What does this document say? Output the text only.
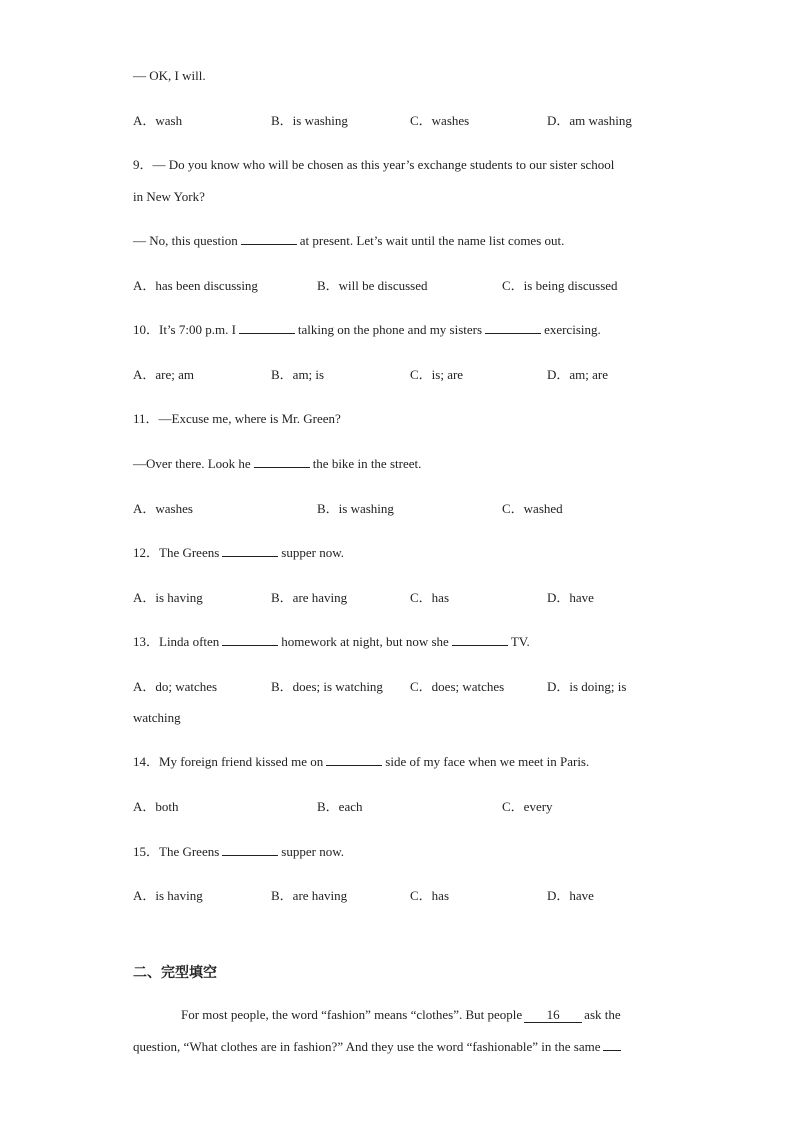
— OK, I will.
A．wash	B．is washing	C．washes	D．am washing
9．— Do you know who will be chosen as this year’s exchange students to our sister school
in New York?
— No, this question	at present. Let’s wait until the name list comes out.
A．has been discussing	B．will be discussed	C．is being discussed
10．It’s 7:00 p.m. I	talking on the phone and my sisters	exercising.
A．are; am	B．am; is	C．is; are	D．am; are
11．—Excuse me, where is Mr. Green?
—Over there. Look he	the bike in the street.
A．washes	B．is washing	C．washed
12．The Greens	supper now.
A．is having	B．are having	C．has	D．have
13．Linda often	homework at night, but now she	TV.
A．do; watches	B．does; is watching C．does; watches	D．is doing; is
watching
14．My foreign friend kissed me on	side of my face when we meet in Paris.
A．both	B．each	C．every
15．The Greens	supper now.
A．is having	B．are having	C．has	D．have
二、完型填空
For most people, the word “fashion” means “clothes”. But people 16 ask the
question, “What clothes are in fashion?” And they use the word “fashionable” in the same
